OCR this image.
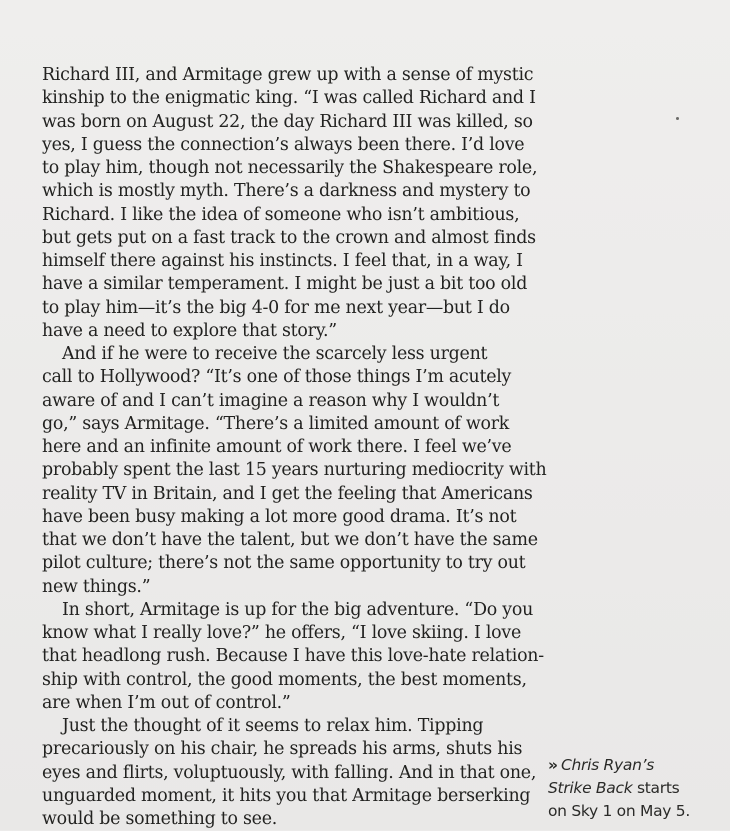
Richard III, and Armitage grew up with a sense of mystic
kinship to the enigmatic king. “I was called Richard and I
was born on August 22, the day Richard III was killed, so
yes, I guess the connection’s always been there. I’d love
to play him, though not necessarily the Shakespeare role,
which is mostly myth. There’s a darkness and mystery to
Richard. I like the idea of someone who isn’t ambitious,
but gets put on a fast track to the crown and almost finds
himself there against his instincts. I feel that, in a way, I
have a similar temperament. I might be just a bit too old
to play him—it’s the big 4-0 for me next year—but I do
have a need to explore that story.”
And if he were to receive the scarcely less urgent
call to Hollywood? “It’s one of those things I’m acutely
aware of and I can’t imagine a reason why I wouldn’t
go,” says Armitage. “There’s a limited amount of work
here and an infinite amount of work there. I feel we’ve
probably spent the last 15 years nurturing mediocrity with
reality TV in Britain, and I get the feeling that Americans
have been busy making a lot more good drama. It’s not
that we don’t have the talent, but we don’t have the same
pilot culture; there’s not the same opportunity to try out
new things.”
In short, Armitage is up for the big adventure. “Do you
know what I really love?” he offers, “I love skiing. I love
that headlong rush. Because I have this love-hate relation-
ship with control, the good moments, the best moments,
are when I’m out of control.”
Just the thought of it seems to relax him. Tipping
precariously on his chair, he spreads his arms, shuts his
eyes and flirts, voluptuously, with falling. And in that one,
unguarded moment, it hits you that Armitage berserking
would be something to see.
» Chris Ryan’s
Strike Back starts
on Sky 1 on May 5.
